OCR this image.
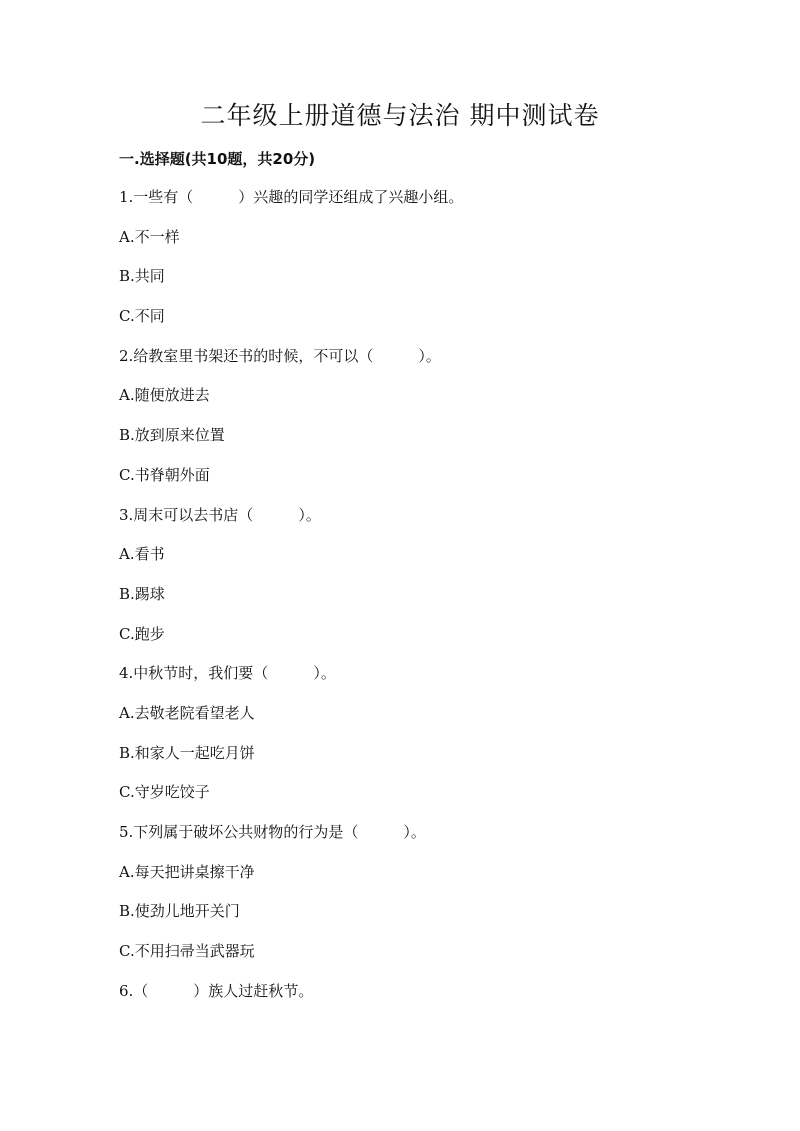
二年级上册道德与法治 期中测试卷
一.选择题(共10题，共20分)
1.一些有（　　　）兴趣的同学还组成了兴趣小组。
A.不一样
B.共同
C.不同
2.给教室里书架还书的时候，不可以（　　　）。
A.随便放进去
B.放到原来位置
C.书脊朝外面
3.周末可以去书店（　　　）。
A.看书
B.踢球
C.跑步
4.中秋节时，我们要（　　　）。
A.去敬老院看望老人
B.和家人一起吃月饼
C.守岁吃饺子
5.下列属于破坏公共财物的行为是（　　　）。
A.每天把讲桌擦干净
B.使劲儿地开关门
C.不用扫帚当武器玩
6.（　　　）族人过赶秋节。
